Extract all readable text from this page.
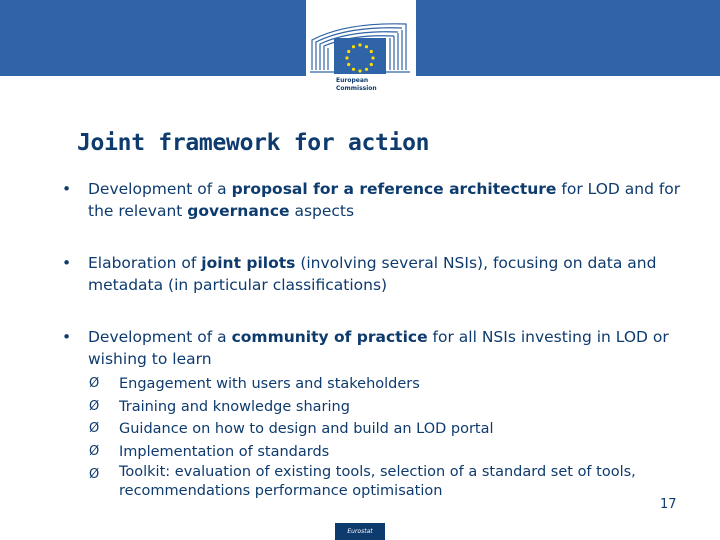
European
Commission
Joint framework for action
• Development of a proposal for a reference architecture for LOD and for the relevant governance aspects
• Elaboration of joint pilots (involving several NSIs), focusing on data and metadata (in particular classifications)
• Development of a community of practice for all NSIs investing in LOD or wishing to learn
Ø Engagement with users and stakeholders
Ø Training and knowledge sharing
Ø Guidance on how to design and build an LOD portal
Ø Implementation of standards
Ø Toolkit: evaluation of existing tools, selection of a standard set of tools, recommendations performance optimisation
17
Eurostat
